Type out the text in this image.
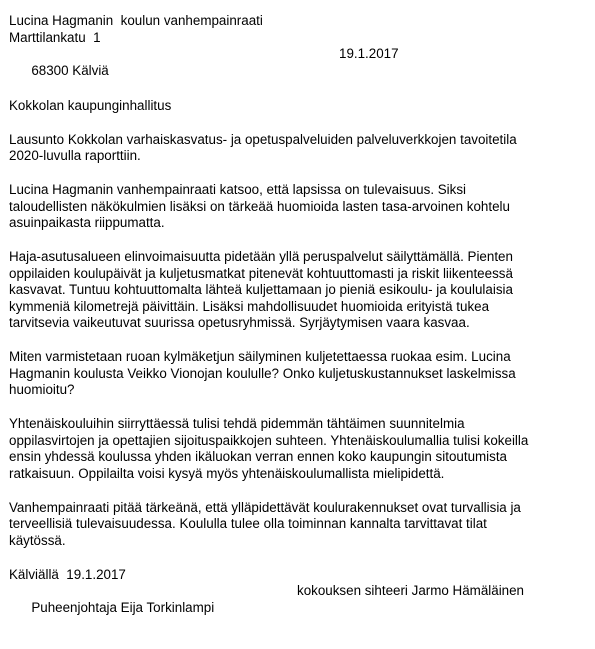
Lucina Hagmanin  koulun vanhempainraati
Marttilankatu  1

68300 Kälviä

19.1.2017

Kokkolan kaupunginhallitus
Lausunto Kokkolan varhaiskasvatus- ja opetuspalveluiden palveluverkkojen tavoitetila
2020-luvulla raporttiin.
Lucina Hagmanin vanhempainraati katsoo, että lapsissa on tulevaisuus. Siksi
taloudellisten näkökulmien lisäksi on tärkeää huomioida lasten tasa-arvoinen kohtelu
asuinpaikasta riippumatta.
Haja-asutusalueen elinvoimaisuutta pidetään yllä peruspalvelut säilyttämällä. Pienten
oppilaiden koulupäivät ja kuljetusmatkat pitenevät kohtuuttomasti ja riskit liikenteessä
kasvavat. Tuntuu kohtuuttomalta lähteä kuljettamaan jo pieniä esikoulu- ja koululaisia
kymmeniä kilometrejä päivittäin. Lisäksi mahdollisuudet huomioida erityistä tukea
tarvitsevia vaikeutuvat suurissa opetusryhmissä. Syrjäytymisen vaara kasvaa.
Miten varmistetaan ruoan kylmäketjun säilyminen kuljetettaessa ruokaa esim. Lucina
Hagmanin koulusta Veikko Vionojan koululle? Onko kuljetuskustannukset laskelmissa
huomioitu?
Yhtenäiskouluihin siirryttäessä tulisi tehdä pidemmän tähtäimen suunnitelmia
oppilasvirtojen ja opettajien sijoituspaikkojen suhteen. Yhtenäiskoulumallia tulisi kokeilla
ensin yhdessä koulussa yhden ikäluokan verran ennen koko kaupungin sitoutumista
ratkaisuun. Oppilailta voisi kysyä myös yhtenäiskoulumallista mielipidettä.
Vanhempainraati pitää tärkeänä, että ylläpidettävät koulurakennukset ovat turvallisia ja
terveellisiä tulevaisuudessa. Koululla tulee olla toiminnan kannalta tarvittavat tilat
käytössä.
Kälviällä  19.1.2017

Puheenjohtaja Eija Torkinlampi

kokouksen sihteeri Jarmo Hämäläinen
